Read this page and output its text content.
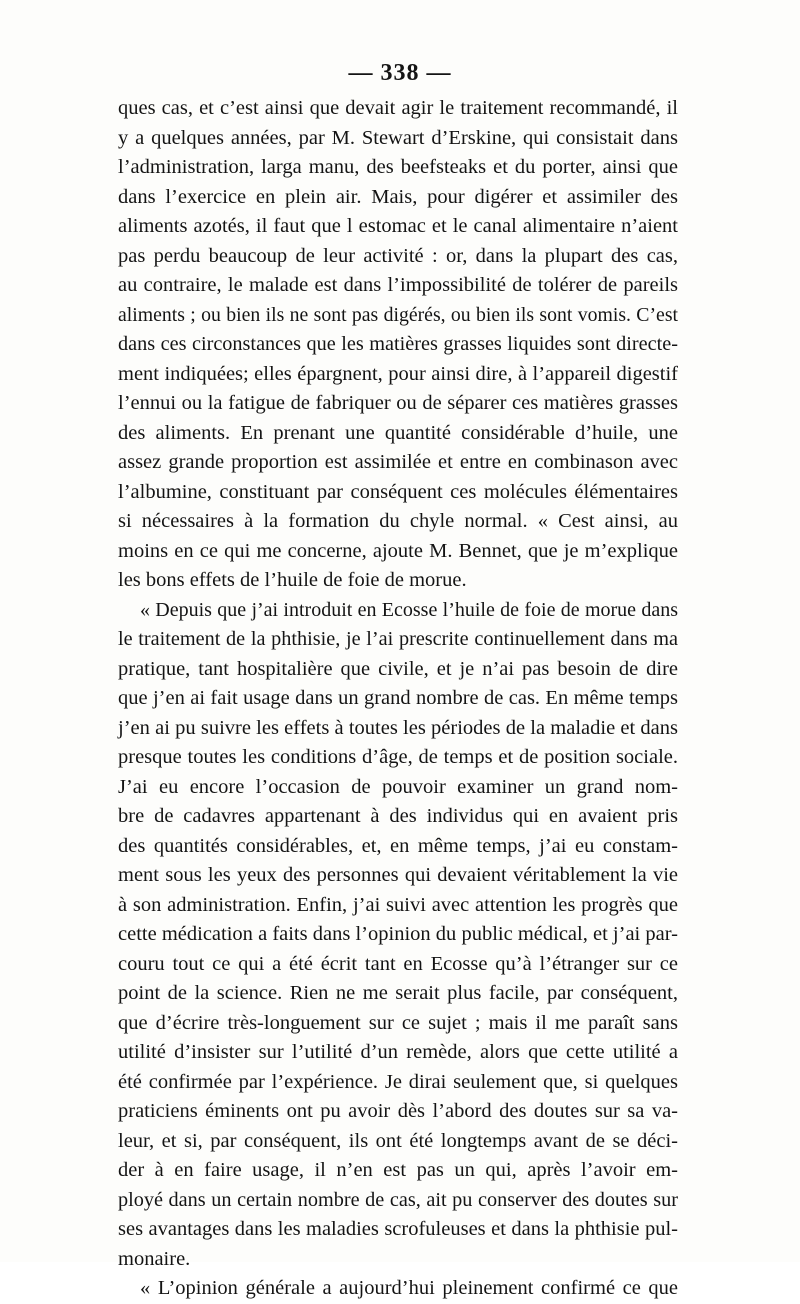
— 338 —
ques cas, et c’est ainsi que devait agir le traitement recommandé, il
y a quelques années, par M. Stewart d’Erskine, qui consistait dans
l’administration, larga manu, des beefsteaks et du porter, ainsi que
dans l’exercice en plein air. Mais, pour digérer et assimiler des
aliments azotés, il faut que l estomac et le canal alimentaire n’aient
pas perdu beaucoup de leur activité : or, dans la plupart des cas,
au contraire, le malade est dans l’impossibilité de tolérer de pareils
aliments ; ou bien ils ne sont pas digérés, ou bien ils sont vomis. C’est
dans ces circonstances que les matières grasses liquides sont directe-
ment indiquées; elles épargnent, pour ainsi dire, à l’appareil digestif
l’ennui ou la fatigue de fabriquer ou de séparer ces matières grasses
des aliments. En prenant une quantité considérable d’huile, une
assez grande proportion est assimilée et entre en combinason avec
l’albumine, constituant par conséquent ces molécules élémentaires
si nécessaires à la formation du chyle normal. « Cest ainsi, au
moins en ce qui me concerne, ajoute M. Bennet, que je m’explique
les bons effets de l’huile de foie de morue.
« Depuis que j’ai introduit en Ecosse l’huile de foie de morue dans
le traitement de la phthisie, je l’ai prescrite continuellement dans ma
pratique, tant hospitalière que civile, et je n’ai pas besoin de dire
que j’en ai fait usage dans un grand nombre de cas. En même temps
j’en ai pu suivre les effets à toutes les périodes de la maladie et dans
presque toutes les conditions d’âge, de temps et de position sociale.
J’ai eu encore l’occasion de pouvoir examiner un grand nom-
bre de cadavres appartenant à des individus qui en avaient pris
des quantités considérables, et, en même temps, j’ai eu constam-
ment sous les yeux des personnes qui devaient véritablement la vie
à son administration. Enfin, j’ai suivi avec attention les progrès que
cette médication a faits dans l’opinion du public médical, et j’ai par-
couru tout ce qui a été écrit tant en Ecosse qu’à l’étranger sur ce
point de la science. Rien ne me serait plus facile, par conséquent,
que d’écrire très-longuement sur ce sujet ; mais il me paraît sans
utilité d’insister sur l’utilité d’un remède, alors que cette utilité a
été confirmée par l’expérience. Je dirai seulement que, si quelques
praticiens éminents ont pu avoir dès l’abord des doutes sur sa va-
leur, et si, par conséquent, ils ont été longtemps avant de se déci-
der à en faire usage, il n’en est pas un qui, après l’avoir em-
ployé dans un certain nombre de cas, ait pu conserver des doutes sur
ses avantages dans les maladies scrofuleuses et dans la phthisie pul-
monaire.
« L’opinion générale a aujourd’hui pleinement confirmé ce que
